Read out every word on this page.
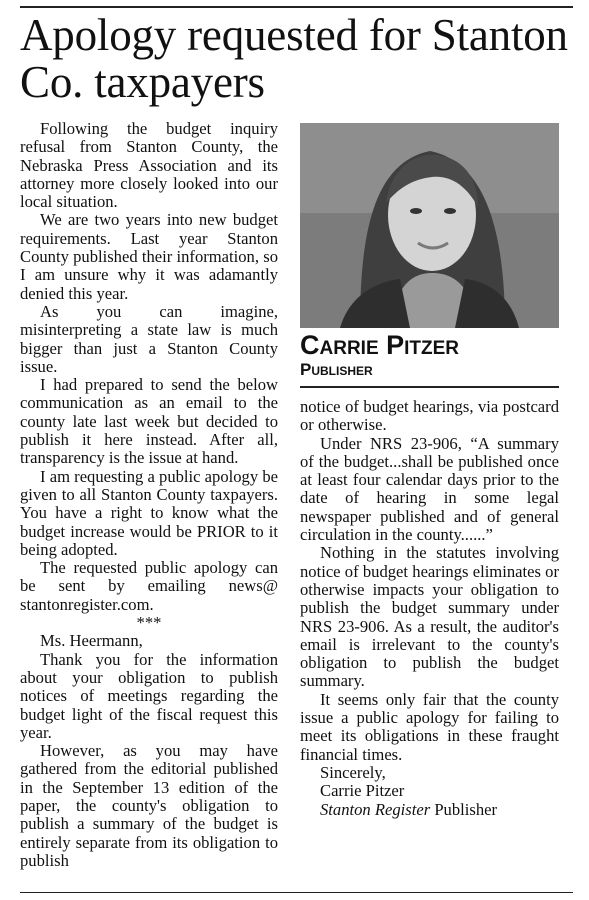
Apology requested for Stanton Co. taxpayers

Following the budget inquiry refusal from Stanton County, the Nebraska Press Association and its attorney more closely looked into our local situation.

We are two years into new budget requirements. Last year Stanton County published their information, so I am unsure why it was adamantly denied this year.

As you can imagine, misinterpreting a state law is much bigger than just a Stanton County issue.

I had prepared to send the below communication as an email to the county late last week but decided to publish it here instead. After all, transparency is the issue at hand.

I am requesting a public apology be given to all Stanton County taxpayers. You have a right to know what the budget increase would be PRIOR to it being adopted.

The requested public apology can be sent by emailing news@ stantonregister.com.

***

Ms. Heermann,

Thank you for the information about your obligation to publish notices of meetings regarding the budget light of the fiscal request this year.

However, as you may have gathered from the editorial published in the September 13 edition of the paper, the county's obligation to publish a summary of the budget is entirely separate from its obligation to publish

Carrie Pitzer
Publisher

notice of budget hearings, via postcard or otherwise.

Under NRS 23-906, “A summary of the budget...shall be published once at least four calendar days prior to the date of hearing in some legal newspaper published and of general circulation in the county......”

Nothing in the statutes involving notice of budget hearings eliminates or otherwise impacts your obligation to publish the budget summary under NRS 23-906. As a result, the auditor's email is irrelevant to the county's obligation to publish the budget summary.

It seems only fair that the county issue a public apology for failing to meet its obligations in these fraught financial times.

Sincerely,

Carrie Pitzer

Stanton Register Publisher
